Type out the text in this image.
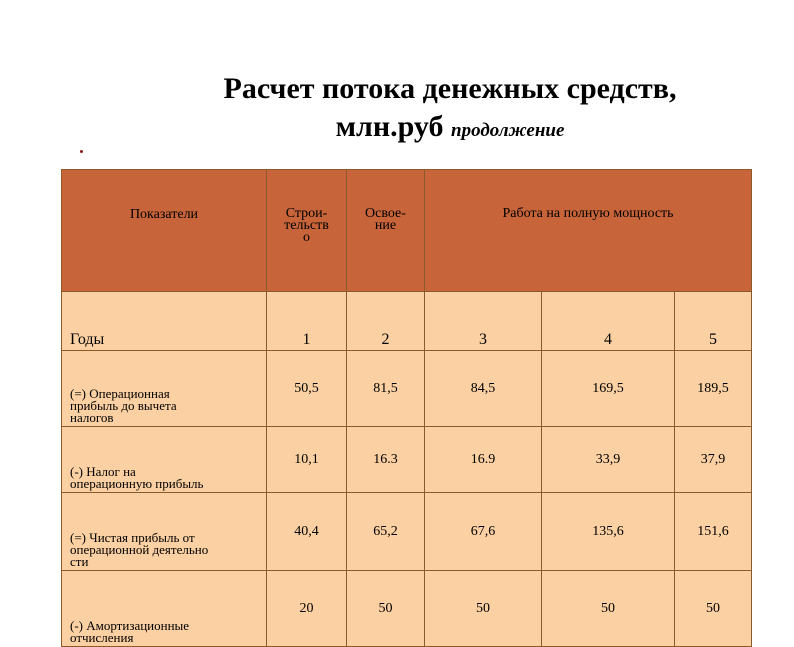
Расчет потока денежных средств,
млн.руб продолжение
Показатели	Строи-
тельств
о	Освое-
ние	Работа на полную мощность		
Годы	1	2	3	4	5
(=) Операционная
прибыль до вычета
налогов	50,5	81,5	84,5	169,5	189,5
(-) Налог на
операционную прибыль	10,1	16.3	16.9	33,9	37,9
(=) Чистая прибыль от
операционной деятельно
сти	40,4	65,2	67,6	135,6	151,6
(-) Амортизационные
отчисления	20	50	50	50	50
